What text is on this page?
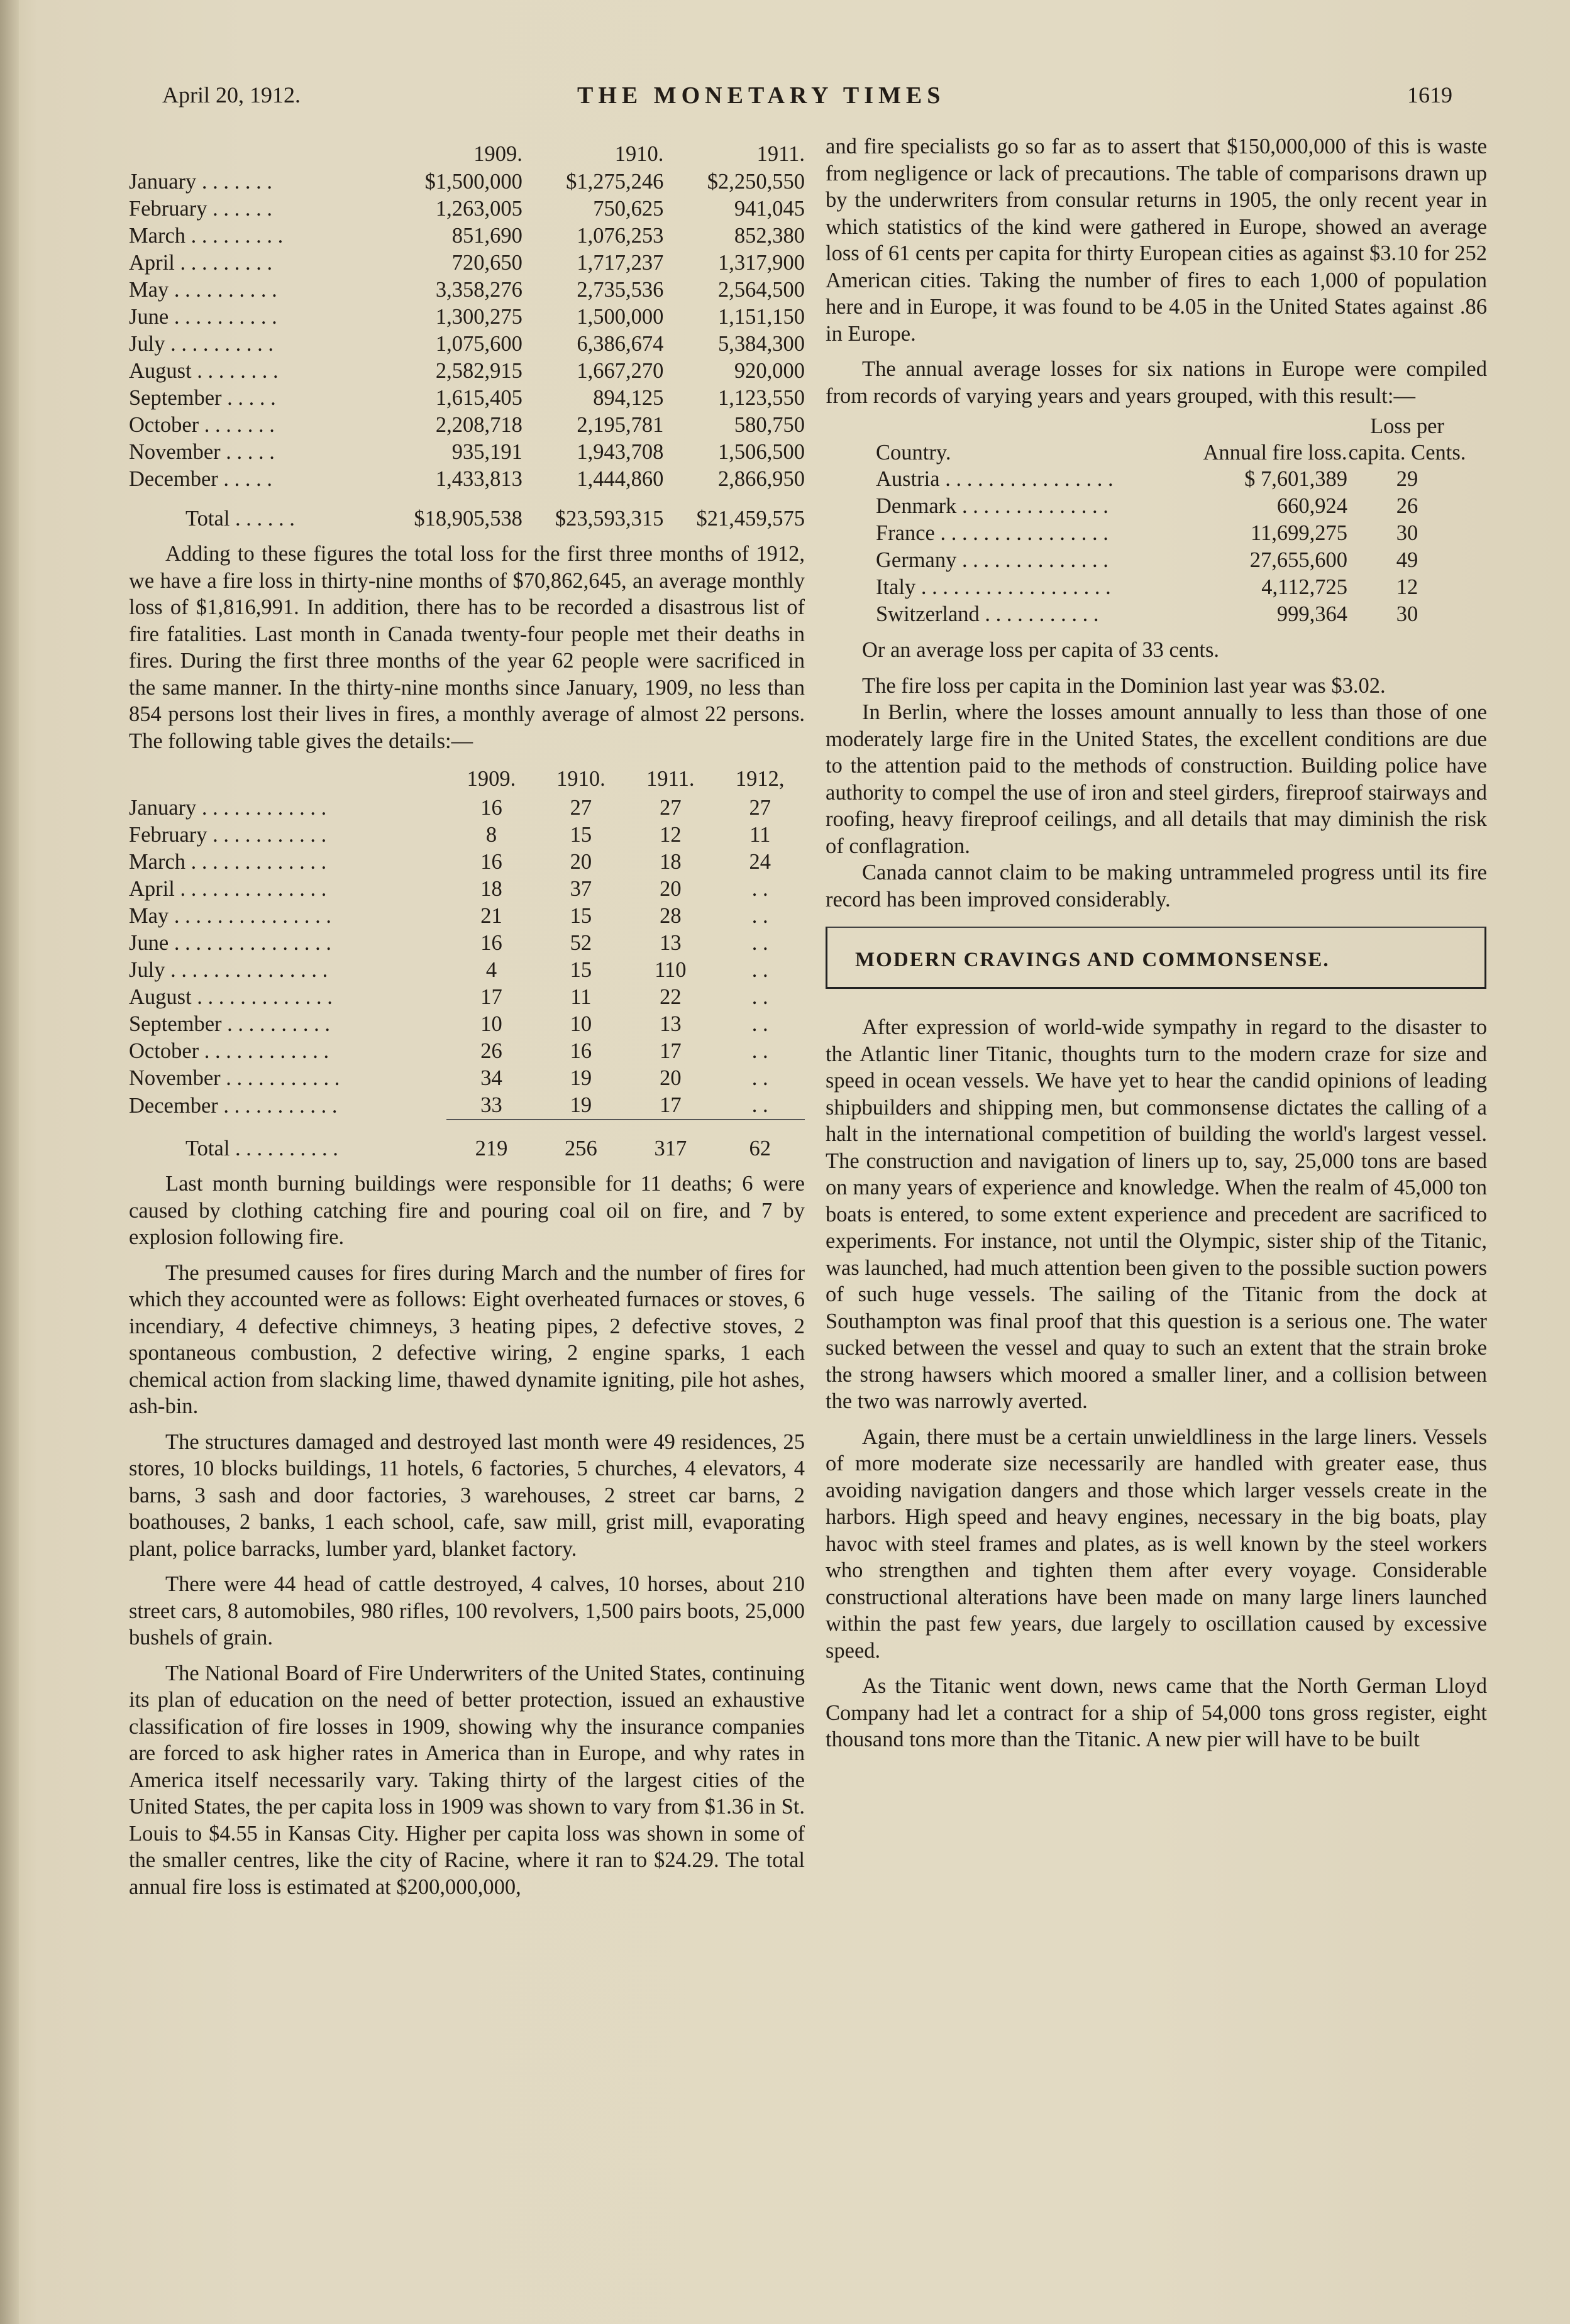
April 20, 1912.	THE MONETARY TIMES	1619
	1909.	1910.	1911.
January . . . . . . .	$1,500,000	$1,275,246	$2,250,550
February . . . . . .	1,263,005	750,625	941,045
March . . . . . . . . .	851,690	1,076,253	852,380
April . . . . . . . . .	720,650	1,717,237	1,317,900
May . . . . . . . . . .	3,358,276	2,735,536	2,564,500
June . . . . . . . . . .	1,300,275	1,500,000	1,151,150
July . . . . . . . . . .	1,075,600	6,386,674	5,384,300
August . . . . . . . .	2,582,915	1,667,270	920,000
September . . . . .	1,615,405	894,125	1,123,550
October . . . . . . .	2,208,718	2,195,781	580,750
November . . . . .	935,191	1,943,708	1,506,500
December . . . . .	1,433,813	1,444,860	2,866,950
Total . . . . . .	$18,905,538	$23,593,315	$21,459,575

Adding to these figures the total loss for the first three months of 1912, we have a fire loss in thirty-nine months of $70,862,645, an average monthly loss of $1,816,991. In addition, there has to be recorded a disastrous list of fire fatalities. Last month in Canada twenty-four people met their deaths in fires. During the first three months of the year 62 people were sacrificed in the same manner. In the thirty-nine months since January, 1909, no less than 854 persons lost their lives in fires, a monthly average of almost 22 persons. The following table gives the details:—

	1909.	1910.	1911.	1912,
January . . . . . . . . . . . .	16	27	27	27
February . . . . . . . . . . .	8	15	12	11
March . . . . . . . . . . . . .	16	20	18	24
April . . . . . . . . . . . . . .	18	37	20	. .
May . . . . . . . . . . . . . . .	21	15	28	. .
June . . . . . . . . . . . . . . .	16	52	13	. .
July . . . . . . . . . . . . . . .	4	15	110	. .
August . . . . . . . . . . . . .	17	11	22	. .
September . . . . . . . . . .	10	10	13	. .
October . . . . . . . . . . . .	26	16	17	. .
November . . . . . . . . . . .	34	19	20	. .
December . . . . . . . . . . .	33	19	17	. .
Total . . . . . . . . . .	219	256	317	62

Last month burning buildings were responsible for 11 deaths; 6 were caused by clothing catching fire and pouring coal oil on fire, and 7 by explosion following fire.

The presumed causes for fires during March and the number of fires for which they accounted were as follows: Eight overheated furnaces or stoves, 6 incendiary, 4 defective chimneys, 3 heating pipes, 2 defective stoves, 2 spontaneous combustion, 2 defective wiring, 2 engine sparks, 1 each chemical action from slacking lime, thawed dynamite igniting, pile hot ashes, ash-bin.

The structures damaged and destroyed last month were 49 residences, 25 stores, 10 blocks buildings, 11 hotels, 6 factories, 5 churches, 4 elevators, 4 barns, 3 sash and door factories, 3 warehouses, 2 street car barns, 2 boathouses, 2 banks, 1 each school, cafe, saw mill, grist mill, evaporating plant, police barracks, lumber yard, blanket factory.

There were 44 head of cattle destroyed, 4 calves, 10 horses, about 210 street cars, 8 automobiles, 980 rifles, 100 revolvers, 1,500 pairs boots, 25,000 bushels of grain.

The National Board of Fire Underwriters of the United States, continuing its plan of education on the need of better protection, issued an exhaustive classification of fire losses in 1909, showing why the insurance companies are forced to ask higher rates in America than in Europe, and why rates in America itself necessarily vary. Taking thirty of the largest cities of the United States, the per capita loss in 1909 was shown to vary from $1.36 in St. Louis to $4.55 in Kansas City. Higher per capita loss was shown in some of the smaller centres, like the city of Racine, where it ran to $24.29. The total annual fire loss is estimated at $200,000,000,

and fire specialists go so far as to assert that $150,000,000 of this is waste from negligence or lack of precautions. The table of comparisons drawn up by the underwriters from consular returns in 1905, the only recent year in which statistics of the kind were gathered in Europe, showed an average loss of 61 cents per capita for thirty European cities as against $3.10 for 252 American cities. Taking the number of fires to each 1,000 of population here and in Europe, it was found to be 4.05 in the United States against .86 in Europe.

The annual average losses for six nations in Europe were compiled from records of varying years and years grouped, with this result:—

Country.	Annual fire loss.	Loss per capita. Cents.
Austria . . . . . . . . . . . . . . . .	$ 7,601,389	29
Denmark . . . . . . . . . . . . . .	660,924	26
France . . . . . . . . . . . . . . . .	11,699,275	30
Germany . . . . . . . . . . . . . .	27,655,600	49
Italy . . . . . . . . . . . . . . . . . .	4,112,725	12
Switzerland . . . . . . . . . . .	999,364	30

Or an average loss per capita of 33 cents.

The fire loss per capita in the Dominion last year was $3.02.

In Berlin, where the losses amount annually to less than those of one moderately large fire in the United States, the excellent conditions are due to the attention paid to the methods of construction. Building police have authority to compel the use of iron and steel girders, fireproof stairways and roofing, heavy fireproof ceilings, and all details that may diminish the risk of conflagration.

Canada cannot claim to be making untrammeled progress until its fire record has been improved considerably.

MODERN CRAVINGS AND COMMONSENSE.

After expression of world-wide sympathy in regard to the disaster to the Atlantic liner Titanic, thoughts turn to the modern craze for size and speed in ocean vessels. We have yet to hear the candid opinions of leading shipbuilders and shipping men, but commonsense dictates the calling of a halt in the international competition of building the world's largest vessel. The construction and navigation of liners up to, say, 25,000 tons are based on many years of experience and knowledge. When the realm of 45,000 ton boats is entered, to some extent experience and precedent are sacrificed to experiments. For instance, not until the Olympic, sister ship of the Titanic, was launched, had much attention been given to the possible suction powers of such huge vessels. The sailing of the Titanic from the dock at Southampton was final proof that this question is a serious one. The water sucked between the vessel and quay to such an extent that the strain broke the strong hawsers which moored a smaller liner, and a collision between the two was narrowly averted.

Again, there must be a certain unwieldliness in the large liners. Vessels of more moderate size necessarily are handled with greater ease, thus avoiding navigation dangers and those which larger vessels create in the harbors. High speed and heavy engines, necessary in the big boats, play havoc with steel frames and plates, as is well known by the steel workers who strengthen and tighten them after every voyage. Considerable constructional alterations have been made on many large liners launched within the past few years, due largely to oscillation caused by excessive speed.

As the Titanic went down, news came that the North German Lloyd Company had let a contract for a ship of 54,000 tons gross register, eight thousand tons more than the Titanic. A new pier will have to be built
